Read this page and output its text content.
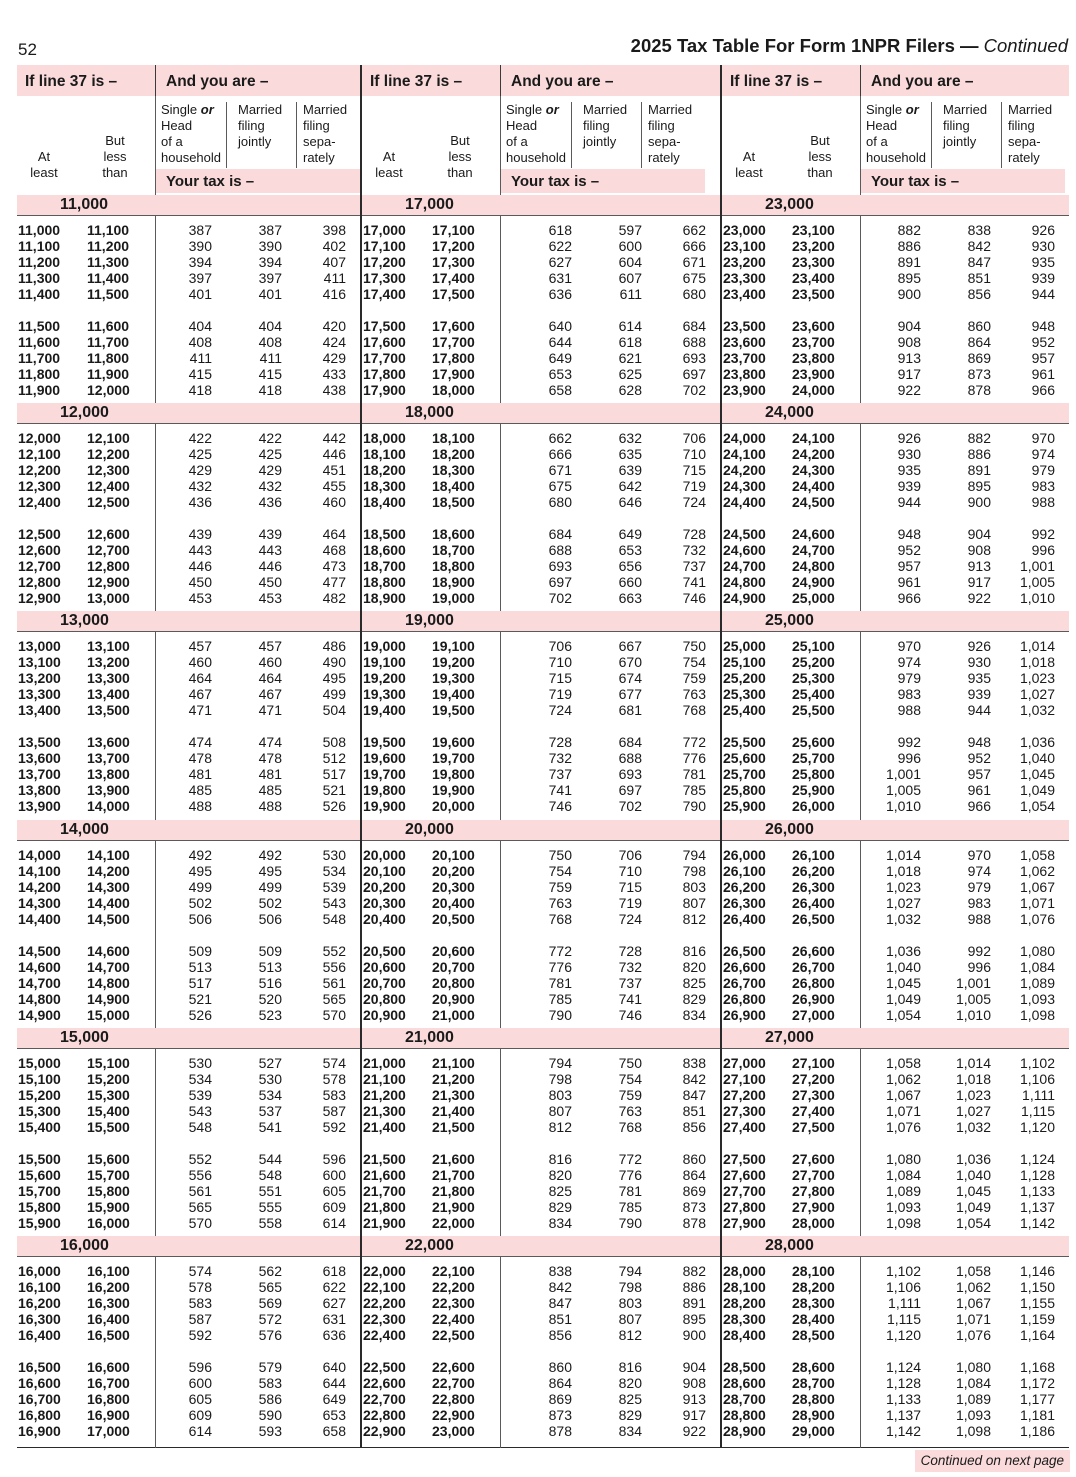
52	2025 Tax Table For Form 1NPR Filers — Continued
If line 37 is –	And you are –
At
least
But
less
than
Single or
Head
of a
household
Married
filing
jointly
Married
filing
sepa-
rately
Your tax is –
11,000
11,000 11,100	387	387	398
11,100 11,200	390	390	402
11,200 11,300	394	394	407
11,300 11,400	397	397	411
11,400 11,500	401	401	416
11,500 11,600	404	404	420
11,600 11,700	408	408	424
11,700 11,800	411	411	429
11,800 11,900	415	415	433
11,900 12,000	418	418	438
12,000
12,000 12,100	422	422	442
12,100 12,200	425	425	446
12,200 12,300	429	429	451
12,300 12,400	432	432	455
12,400 12,500	436	436	460
12,500 12,600	439	439	464
12,600 12,700	443	443	468
12,700 12,800	446	446	473
12,800 12,900	450	450	477
12,900 13,000	453	453	482
13,000
13,000 13,100	457	457	486
13,100 13,200	460	460	490
13,200 13,300	464	464	495
13,300 13,400	467	467	499
13,400 13,500	471	471	504
13,500 13,600	474	474	508
13,600 13,700	478	478	512
13,700 13,800	481	481	517
13,800 13,900	485	485	521
13,900 14,000	488	488	526
14,000
14,000 14,100	492	492	530
14,100 14,200	495	495	534
14,200 14,300	499	499	539
14,300 14,400	502	502	543
14,400 14,500	506	506	548
14,500 14,600	509	509	552
14,600 14,700	513	513	556
14,700 14,800	517	516	561
14,800 14,900	521	520	565
14,900 15,000	526	523	570
15,000
15,000 15,100	530	527	574
15,100 15,200	534	530	578
15,200 15,300	539	534	583
15,300 15,400	543	537	587
15,400 15,500	548	541	592
15,500 15,600	552	544	596
15,600 15,700	556	548	600
15,700 15,800	561	551	605
15,800 15,900	565	555	609
15,900 16,000	570	558	614
16,000
16,000 16,100	574	562	618
16,100 16,200	578	565	622
16,200 16,300	583	569	627
16,300 16,400	587	572	631
16,400 16,500	592	576	636
16,500 16,600	596	579	640
16,600 16,700	600	583	644
16,700 16,800	605	586	649
16,800 16,900	609	590	653
16,900 17,000	614	593	658
If line 37 is –	And you are –
At
least
But
less
than
Single or
Head
of a
household
Married
filing
jointly
Married
filing
sepa-
rately
Your tax is –
17,000
17,000 17,100	618	597	662
17,100 17,200	622	600	666
17,200 17,300	627	604	671
17,300 17,400	631	607	675
17,400 17,500	636	611	680
17,500 17,600	640	614	684
17,600 17,700	644	618	688
17,700 17,800	649	621	693
17,800 17,900	653	625	697
17,900 18,000	658	628	702
18,000
18,000 18,100	662	632	706
18,100 18,200	666	635	710
18,200 18,300	671	639	715
18,300 18,400	675	642	719
18,400 18,500	680	646	724
18,500 18,600	684	649	728
18,600 18,700	688	653	732
18,700 18,800	693	656	737
18,800 18,900	697	660	741
18,900 19,000	702	663	746
19,000
19,000 19,100	706	667	750
19,100 19,200	710	670	754
19,200 19,300	715	674	759
19,300 19,400	719	677	763
19,400 19,500	724	681	768
19,500 19,600	728	684	772
19,600 19,700	732	688	776
19,700 19,800	737	693	781
19,800 19,900	741	697	785
19,900 20,000	746	702	790
20,000
20,000 20,100	750	706	794
20,100 20,200	754	710	798
20,200 20,300	759	715	803
20,300 20,400	763	719	807
20,400 20,500	768	724	812
20,500 20,600	772	728	816
20,600 20,700	776	732	820
20,700 20,800	781	737	825
20,800 20,900	785	741	829
20,900 21,000	790	746	834
21,000
21,000 21,100	794	750	838
21,100 21,200	798	754	842
21,200 21,300	803	759	847
21,300 21,400	807	763	851
21,400 21,500	812	768	856
21,500 21,600	816	772	860
21,600 21,700	820	776	864
21,700 21,800	825	781	869
21,800 21,900	829	785	873
21,900 22,000	834	790	878
22,000
22,000 22,100	838	794	882
22,100 22,200	842	798	886
22,200 22,300	847	803	891
22,300 22,400	851	807	895
22,400 22,500	856	812	900
22,500 22,600	860	816	904
22,600 22,700	864	820	908
22,700 22,800	869	825	913
22,800 22,900	873	829	917
22,900 23,000	878	834	922
If line 37 is –	And you are –
At
least
But
less
than
Single or
Head
of a
household
Married
filing
jointly
Married
filing
sepa-
rately
Your tax is –
23,000
23,000 23,100	882	838	926
23,100 23,200	886	842	930
23,200 23,300	891	847	935
23,300 23,400	895	851	939
23,400 23,500	900	856	944
23,500 23,600	904	860	948
23,600 23,700	908	864	952
23,700 23,800	913	869	957
23,800 23,900	917	873	961
23,900 24,000	922	878	966
24,000
24,000 24,100	926	882	970
24,100 24,200	930	886	974
24,200 24,300	935	891	979
24,300 24,400	939	895	983
24,400 24,500	944	900	988
24,500 24,600	948	904	992
24,600 24,700	952	908	996
24,700 24,800	957	913 1,001
24,800 24,900	961	917 1,005
24,900 25,000	966	922 1,010
25,000
25,000 25,100	970	926 1,014
25,100 25,200	974	930 1,018
25,200 25,300	979	935 1,023
25,300 25,400	983	939 1,027
25,400 25,500	988	944 1,032
25,500 25,600	992	948 1,036
25,600 25,700	996	952 1,040
25,700 25,800	1,001	957 1,045
25,800 25,900	1,005	961 1,049
25,900 26,000	1,010	966 1,054
26,000
26,000 26,100	1,014	970 1,058
26,100 26,200	1,018	974 1,062
26,200 26,300	1,023	979 1,067
26,300 26,400	1,027	983 1,071
26,400 26,500	1,032	988 1,076
26,500 26,600	1,036	992 1,080
26,600 26,700	1,040	996 1,084
26,700 26,800	1,045 1,001 1,089
26,800 26,900	1,049 1,005 1,093
26,900 27,000	1,054 1,010 1,098
27,000
27,000 27,100	1,058 1,014 1,102
27,100 27,200	1,062 1,018 1,106
27,200 27,300	1,067 1,023 1,111
27,300 27,400	1,071 1,027 1,115
27,400 27,500	1,076 1,032 1,120
27,500 27,600	1,080 1,036 1,124
27,600 27,700	1,084 1,040 1,128
27,700 27,800	1,089 1,045 1,133
27,800 27,900	1,093 1,049 1,137
27,900 28,000	1,098 1,054 1,142
28,000
28,000 28,100	1,102 1,058 1,146
28,100 28,200	1,106 1,062 1,150
28,200 28,300	1,111 1,067 1,155
28,300 28,400	1,115 1,071 1,159
28,400 28,500	1,120 1,076 1,164
28,500 28,600	1,124 1,080 1,168
28,600 28,700	1,128 1,084 1,172
28,700 28,800	1,133 1,089 1,177
28,800 28,900	1,137 1,093 1,181
28,900 29,000	1,142 1,098 1,186
Continued on next page
